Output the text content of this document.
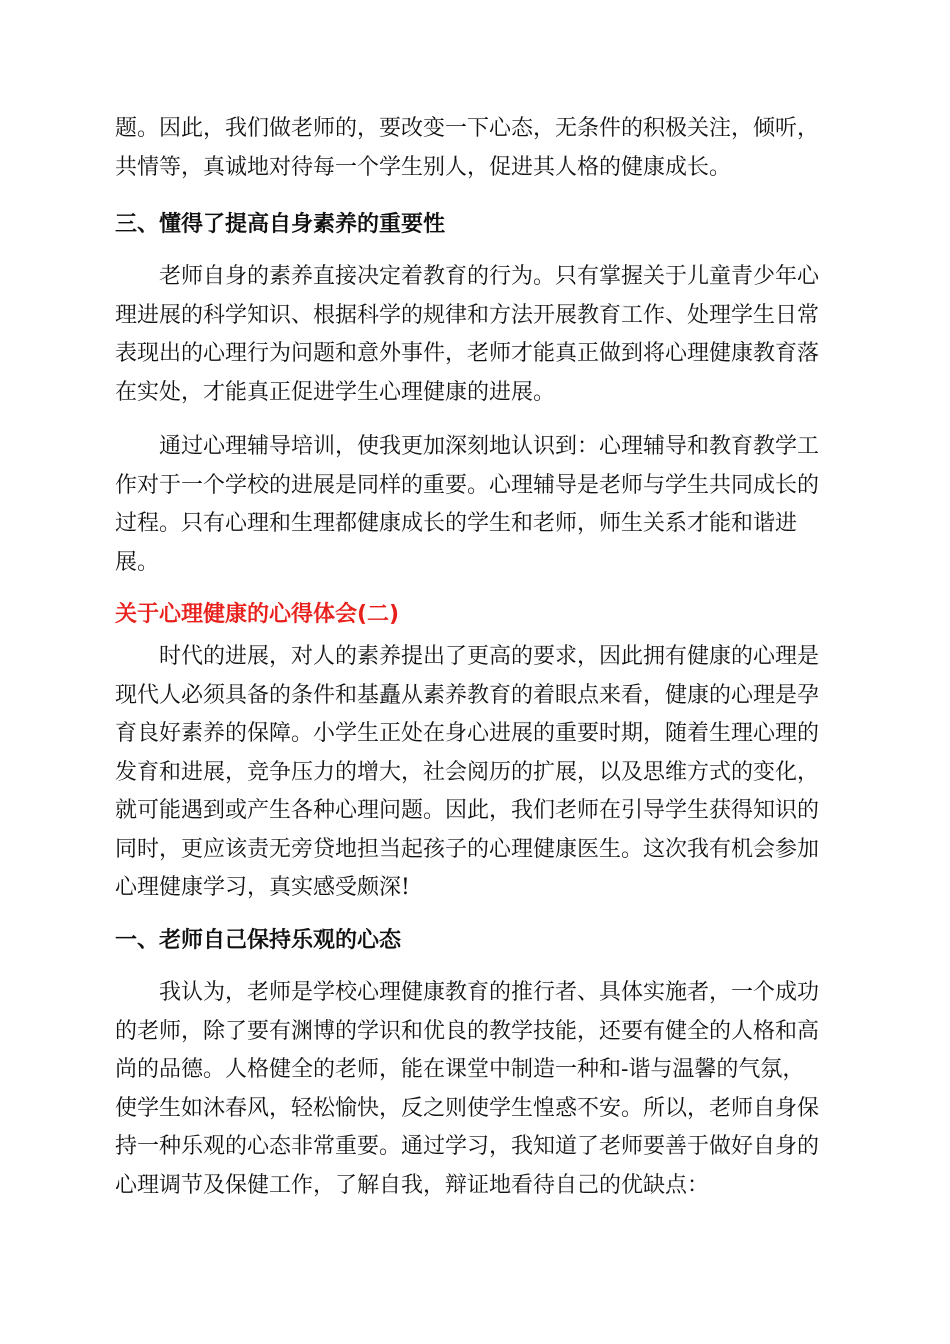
题。因此，我们做老师的，要改变一下心态，无条件的积极关注，倾听，
共情等，真诚地对待每一个学生别人，促进其人格的健康成长。

三、懂得了提高自身素养的重要性

老师自身的素养直接决定着教育的行为。只有掌握关于儿童青少年心
理进展的科学知识、根据科学的规律和方法开展教育工作、处理学生日常
表现出的心理行为问题和意外事件，老师才能真正做到将心理健康教育落
在实处，才能真正促进学生心理健康的进展。

通过心理辅导培训，使我更加深刻地认识到：心理辅导和教育教学工
作对于一个学校的进展是同样的重要。心理辅导是老师与学生共同成长的
过程。只有心理和生理都健康成长的学生和老师，师生关系才能和谐进
展。

关于心理健康的心得体会(二)

时代的进展，对人的素养提出了更高的要求，因此拥有健康的心理是
现代人必须具备的条件和基矗从素养教育的着眼点来看，健康的心理是孕
育良好素养的保障。小学生正处在身心进展的重要时期，随着生理心理的
发育和进展，竞争压力的增大，社会阅历的扩展，以及思维方式的变化，
就可能遇到或产生各种心理问题。因此，我们老师在引导学生获得知识的
同时，更应该责无旁贷地担当起孩子的心理健康医生。这次我有机会参加
心理健康学习，真实感受颇深!

一、老师自己保持乐观的心态

我认为，老师是学校心理健康教育的推行者、具体实施者，一个成功
的老师，除了要有渊博的学识和优良的教学技能，还要有健全的人格和高
尚的品德。人格健全的老师，能在课堂中制造一种和-谐与温馨的气氛，
使学生如沐春风，轻松愉快，反之则使学生惶惑不安。所以，老师自身保
持一种乐观的心态非常重要。通过学习，我知道了老师要善于做好自身的
心理调节及保健工作，了解自我，辩证地看待自己的优缺点：
